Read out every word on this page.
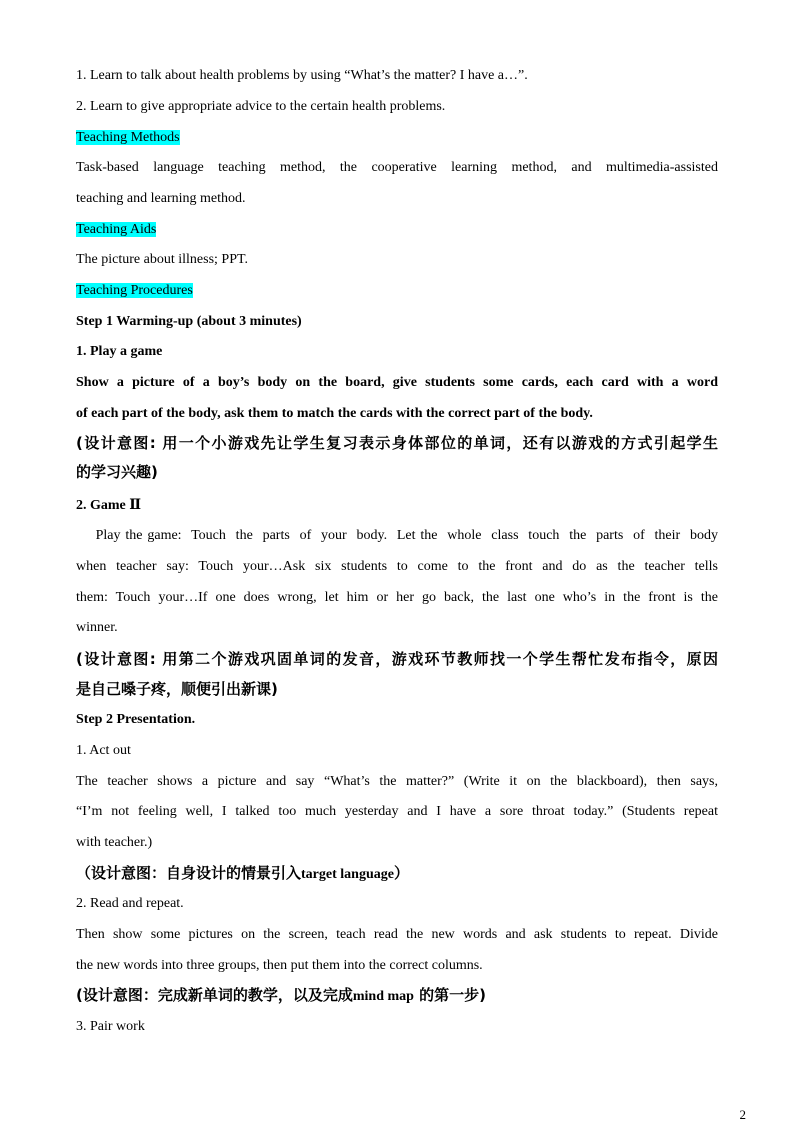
1. Learn to talk about health problems by using “What’s the matter? I have a…”.
2. Learn to give appropriate advice to the certain health problems.
Teaching Methods
Task-based language teaching method, the cooperative learning method, and multimedia-assisted
teaching and learning method.
Teaching Aids
The picture about illness; PPT.
Teaching Procedures
Step 1 Warming-up (about 3 minutes)
1. Play a game
Show a picture of a boy’s body on the board, give students some cards, each card with a word
of each part of the body, ask them to match the cards with the correct part of the body.
(设计意图: 用一个小游戏先让学生复习表示身体部位的单词，还有以游戏的方式引起学生
的学习兴趣)
2. Game Ⅱ
Play the game:  Touch  the  parts  of  your  body.  Let the  whole  class  touch  the  parts  of  their  body
when teacher say: Touch your…Ask six students to come to the front and do as the teacher tells
them: Touch your…If one does wrong, let him or her go back, the last one who’s in the front is the
winner.
(设计意图: 用第二个游戏巩固单词的发音，游戏环节教师找一个学生帮忙发布指令，原因
是自己嗓子疼，顺便引出新课)
Step 2 Presentation.
1. Act out
The teacher shows a picture and say “What’s the matter?” (Write it on the blackboard), then says,
“I’m not feeling well, I talked too much yesterday and I have a sore throat today.” (Students repeat
with teacher.)
（设计意图：自身设计的情景引入target language）
2. Read and repeat.
Then show some pictures on the screen, teach read the new words and ask students to repeat. Divide
the new words into three groups, then put them into the correct columns.
(设计意图：完成新单词的教学，以及完成mind map 的第一步)
3. Pair work
2
